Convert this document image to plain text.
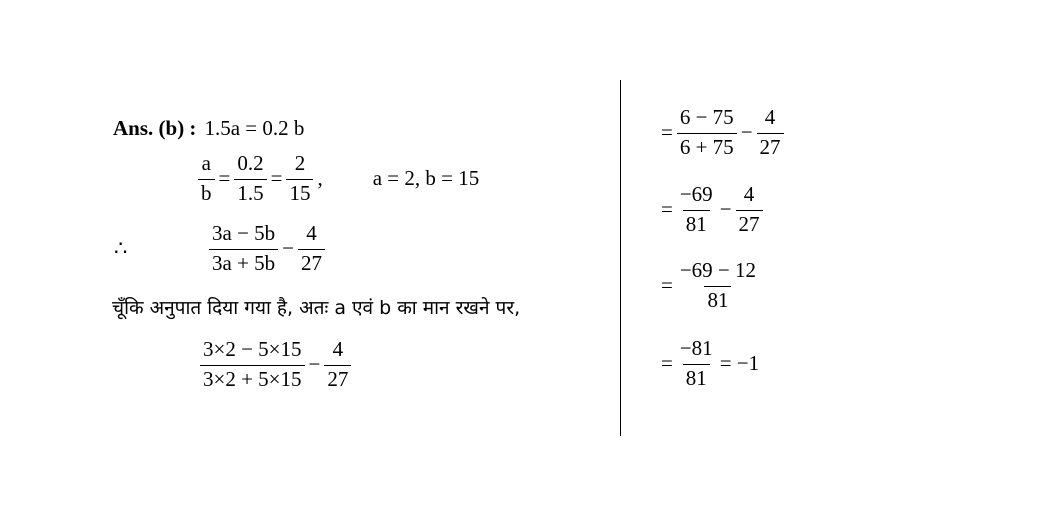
Ans. (b) : 1.5a = 0.2 b
$\frac{a}{b} = \frac{0.2}{1.5} = \frac{2}{15}$ , a = 2, b = 15
∴	$\frac{3a - 5b}{3a + 5b} - \frac{4}{27}$
चूँकि अनुपात दिया गया है, अतः a एवं b का मान रखने पर,
$\frac{3\times 2 - 5\times 15}{3\times 2 + 5\times 15} - \frac{4}{27}$
= $\frac{6 - 75}{6 + 75} - \frac{4}{27}$
= $\frac{-69}{81} - \frac{4}{27}$
= $\frac{-69 - 12}{81}$
= $\frac{-81}{81} = -1$
